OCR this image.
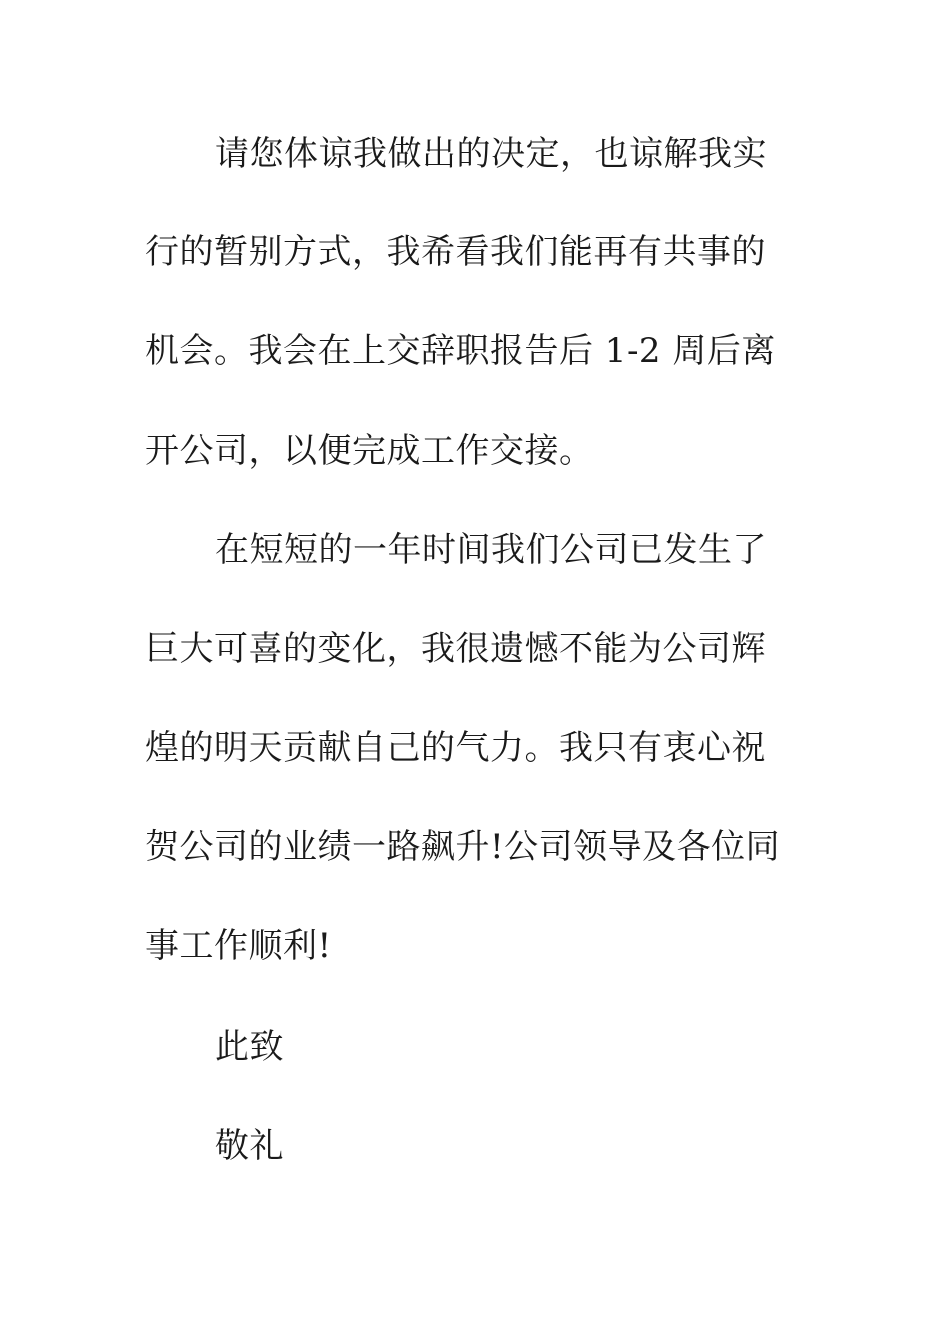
请您体谅我做出的决定，也谅解我实
行的暂别方式，我希看我们能再有共事的
机会。我会在上交辞职报告后 1-2 周后离
开公司，以便完成工作交接。
在短短的一年时间我们公司已发生了
巨大可喜的变化，我很遗憾不能为公司辉
煌的明天贡献自己的气力。我只有衷心祝
贺公司的业绩一路飙升!公司领导及各位同
事工作顺利!
此致
敬礼
